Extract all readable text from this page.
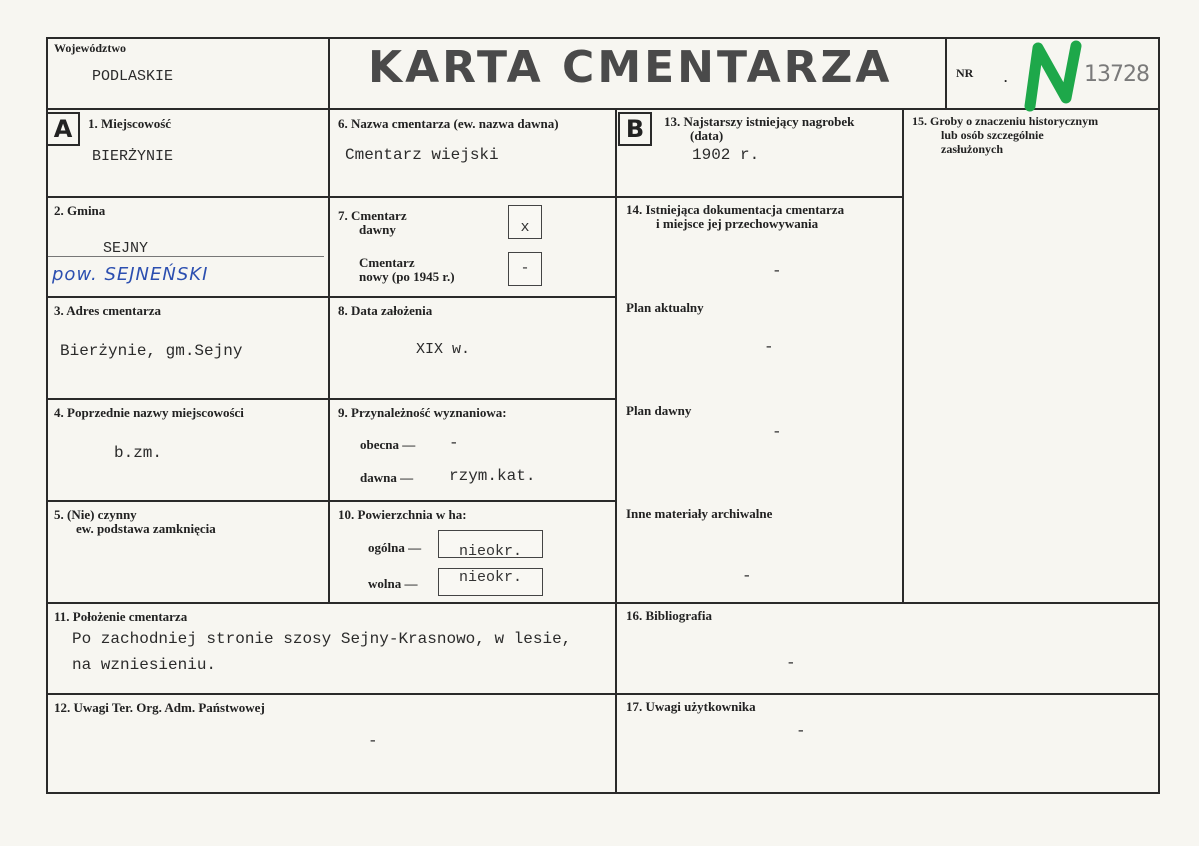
Województwo
PODLASKIE	KARTA CMENTARZA	NR .	13728
A	1. Miejscowość
BIERŻYNIE
2. Gmina
SEJNY
pow. SEJNEŃSKI
3. Adres cmentarza
Bierżynie, gm.Sejny
4. Poprzednie nazwy miejscowości
b.zm.
5. (Nie) czynny
ew. podstawa zamknięcia
6. Nazwa cmentarza (ew. nazwa dawna)
Cmentarz wiejski
7. Cmentarz
dawny	x
Cmentarz
nowy (po 1945 r.)	-
8. Data założenia
XIX w.
9. Przynależność wyznaniowa:
obecna — -
dawna — rzym.kat.
10. Powierzchnia w ha:
ogólna —	nieokr.
wolna —	nieokr.
B	13. Najstarszy istniejący nagrobek
(data)
1902 r.
14. Istniejąca dokumentacja cmentarza
i miejsce jej przechowywania
-
Plan aktualny
-
Plan dawny
-
Inne materiały archiwalne
-
15. Groby o znaczeniu historycznym
lub osób szczególnie
zasłużonych
11. Położenie cmentarza
Po zachodniej stronie szosy Sejny-Krasnowo, w lesie,
na wzniesieniu.
16. Bibliografia
-
12. Uwagi Ter. Org. Adm. Państwowej
-
17. Uwagi użytkownika
-
